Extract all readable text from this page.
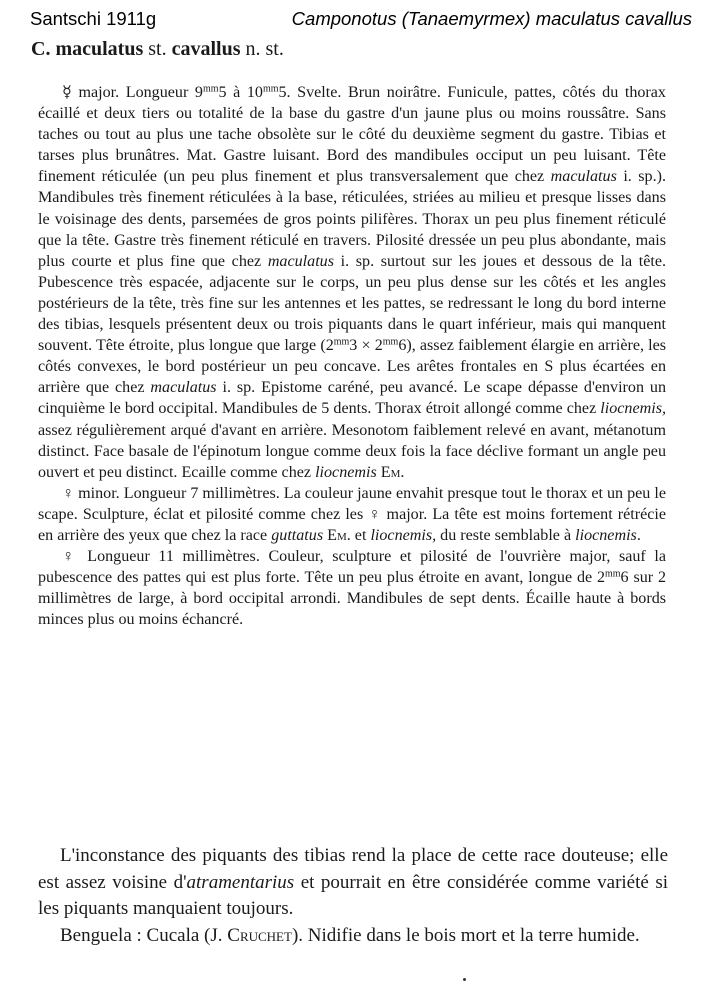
Santschi 1911g	Camponotus (Tanaemyrmex) maculatus cavallus
C. maculatus st. cavallus n. st.

☿ major. Longueur $9^{mm}5$ à $10^{mm}5$. Svelte. Brun noirâtre. Funicule, pattes, côtés du thorax écaillé et deux tiers ou totalité de la base du gastre d'un jaune plus ou moins roussâtre. Sans taches ou tout au plus une tache obsolète sur le côté du deuxième segment du gastre. Tibias et tarses plus brunâtres. Mat. Gastre luisant. Bord des mandibules occiput un peu luisant. Tête finement réticulée (un peu plus finement et plus transversalement que chez maculatus i. sp.). Mandibules très finement réticulées à la base, réticulées, striées au milieu et presque lisses dans le voisinage des dents, parsemées de gros points pilifères. Thorax un peu plus finement réticulé que la tête. Gastre très finement réticulé en travers. Pilosité dressée un peu plus abondante, mais plus courte et plus fine que chez maculatus i. sp. surtout sur les joues et dessous de la tête. Pubescence très espacée, adjacente sur le corps, un peu plus dense sur les côtés et les angles postérieurs de la tête, très fine sur les antennes et les pattes, se redressant le long du bord interne des tibias, lesquels présentent deux ou trois piquants dans le quart inférieur, mais qui manquent souvent. Tête étroite, plus longue que large $(2^{mm}3 \times 2^{mm}6)$, assez faiblement élargie en arrière, les côtés convexes, le bord postérieur un peu concave. Les arêtes frontales en S plus écartées en arrière que chez maculatus i. sp. Epistome caréné, peu avancé. Le scape dépasse d'environ un cinquième le bord occipital. Mandibules de 5 dents. Thorax étroit allongé comme chez liocnemis, assez régulièrement arqué d'avant en arrière. Mesonotom faiblement relevé en avant, métanotum distinct. Face basale de l'épinotum longue comme deux fois la face déclive formant un angle peu ouvert et peu distinct. Ecaille comme chez liocnemis Em.

♀ minor. Longueur 7 millimètres. La couleur jaune envahit presque tout le thorax et un peu le scape. Sculpture, éclat et pilosité comme chez les ♀ major. La tête est moins fortement rétrécie en arrière des yeux que chez la race guttatus Em. et liocnemis, du reste semblable à liocnemis.

♀ Longueur 11 millimètres. Couleur, sculpture et pilosité de l'ouvrière major, sauf la pubescence des pattes qui est plus forte. Tête un peu plus étroite en avant, longue de $2^{mm}6$ sur 2 millimètres de large, à bord occipital arrondi. Mandibules de sept dents. Écaille haute à bords minces plus ou moins échancré.

L'inconstance des piquants des tibias rend la place de cette race douteuse; elle est assez voisine d'atramentarius et pourrait en être considérée comme variété si les piquants manquaient toujours.

Benguela : Cucala (J. Cruchet). Nidifie dans le bois mort et la terre humide.
